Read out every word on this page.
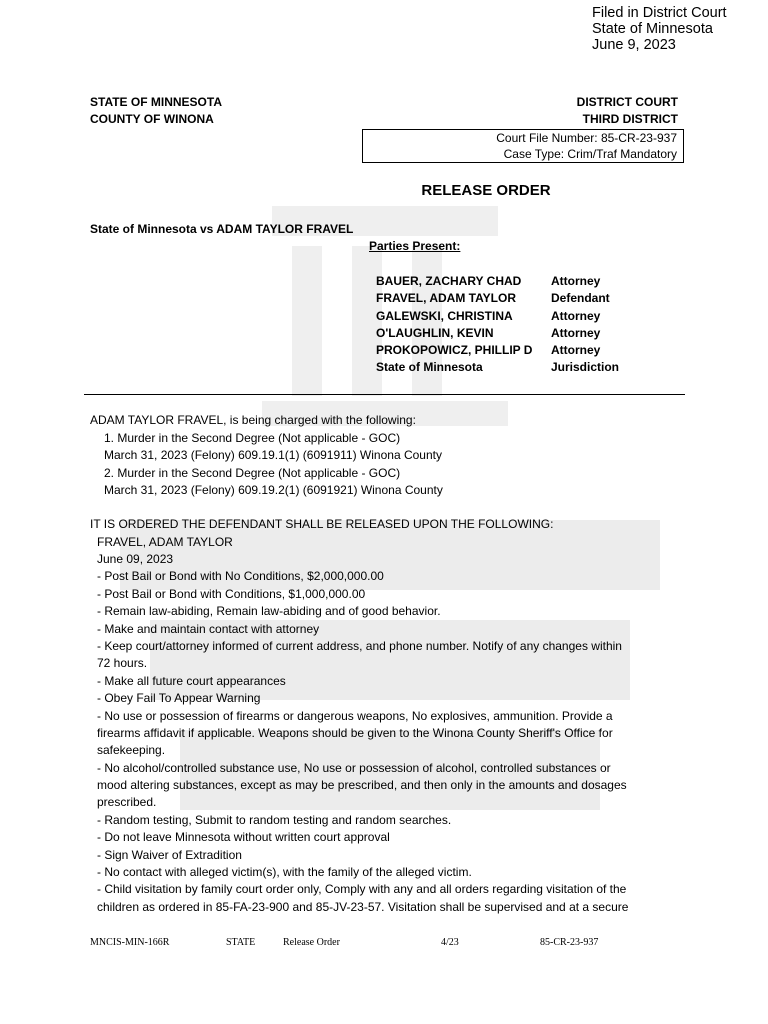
Filed in District Court
State of Minnesota
June 9, 2023
STATE OF MINNESOTA
COUNTY OF WINONA
DISTRICT COURT
THIRD DISTRICT
Court File Number: 85-CR-23-937
Case Type: Crim/Traf Mandatory
RELEASE ORDER
State of Minnesota vs ADAM TAYLOR FRAVEL
Parties Present:
BAUER, ZACHARY CHAD Attorney
FRAVEL, ADAM TAYLOR	Defendant
GALEWSKI, CHRISTINA	Attorney
O'LAUGHLIN, KEVIN	Attorney
PROKOPOWICZ, PHILLIP D Attorney
State of Minnesota	Jurisdiction
ADAM TAYLOR FRAVEL, is being charged with the following:
1. Murder in the Second Degree (Not applicable - GOC)
March 31, 2023 (Felony) 609.19.1(1) (6091911) Winona County
2. Murder in the Second Degree (Not applicable - GOC)
March 31, 2023 (Felony) 609.19.2(1) (6091921) Winona County
IT IS ORDERED THE DEFENDANT SHALL BE RELEASED UPON THE FOLLOWING:
FRAVEL, ADAM TAYLOR
June 09, 2023
- Post Bail or Bond with No Conditions, $2,000,000.00
- Post Bail or Bond with Conditions, $1,000,000.00
- Remain law-abiding, Remain law-abiding and of good behavior.
- Make and maintain contact with attorney
- Keep court/attorney informed of current address, and phone number. Notify of any changes within
72 hours.
- Make all future court appearances
- Obey Fail To Appear Warning
- No use or possession of firearms or dangerous weapons, No explosives, ammunition. Provide a
firearms affidavit if applicable. Weapons should be given to the Winona County Sheriff's Office for
safekeeping.
- No alcohol/controlled substance use, No use or possession of alcohol, controlled substances or
mood altering substances, except as may be prescribed, and then only in the amounts and dosages
prescribed.
- Random testing, Submit to random testing and random searches.
- Do not leave Minnesota without written court approval
- Sign Waiver of Extradition
- No contact with alleged victim(s), with the family of the alleged victim.
- Child visitation by family court order only, Comply with any and all orders regarding visitation of the
children as ordered in 85-FA-23-900 and 85-JV-23-57. Visitation shall be supervised and at a secure
MNCIS-MIN-166R	STATE	Release Order	4/23	85-CR-23-937
